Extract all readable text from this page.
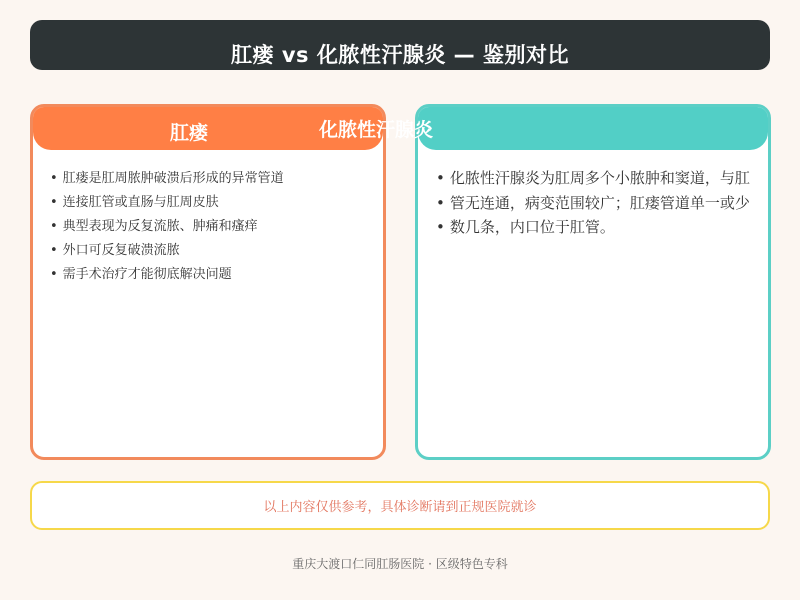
肛瘘 vs 化脓性汗腺炎 — 鉴别对比
肛瘘
• 肛瘘是肛周脓肿破溃后形成的异常管道
• 连接肛管或直肠与肛周皮肤
• 典型表现为反复流脓、肿痛和瘙痒
• 外口可反复破溃流脓
• 需手术治疗才能彻底解决问题
• 化脓性汗腺炎为肛周多个小脓肿和窦道，与肛
• 管无连通，病变范围较广；肛瘘管道单一或少
• 数几条，内口位于肛管。
化脓性汗腺炎
以上内容仅供参考，具体诊断请到正规医院就诊
重庆大渡口仁同肛肠医院 · 区级特色专科
